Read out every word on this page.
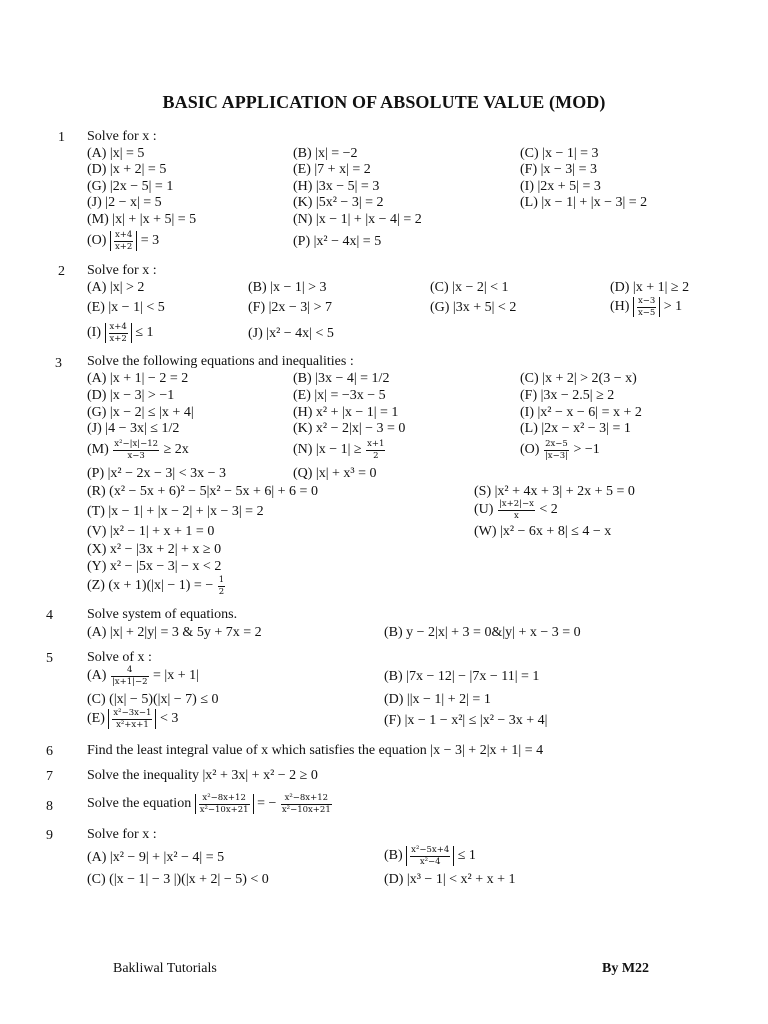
BASIC APPLICATION OF ABSOLUTE VALUE (MOD)
1 Solve for x :
(A) |x| = 5	(B) |x| = −2	(C) |x − 1| = 3
(D) |x + 2| = 5	(E) |7 + x| = 2	(F) |x − 3| = 3
(G) |2x − 5| = 1	(H) |3x − 5| = 3	(I) |2x + 5| = 3
(J) |2 − x| = 5	(K) |5x² − 3| = 2	(L) |x − 1| + |x − 3| = 2
(M) |x| + |x + 5| = 5	(N) |x − 1| + |x − 4| = 2
$(O) \frac{x+4}{x+2} = 3$	(P) |x² − 4x| = 5
2 Solve for x :
(A) |x| > 2	(B) |x − 1| > 3	(C) |x − 2| < 1	(D) |x + 1| ≥ 2
(E) |x − 1| < 5	(F) |2x − 3| > 7	(G) |3x + 5| < 2	$(H) \frac{x-3}{x-5} > 1$
$(I) \frac{x+4}{x+2} \le 1$	(J) |x² − 4x| < 5
3 Solve the following equations and inequalities :
(A) |x + 1| − 2 = 2	(B) |3x − 4| = 1/2	(C) |x + 2| > 2(3 − x)
(D) |x − 3| > −1	(E) |x| = −3x − 5	(F) |3x − 2.5| ≥ 2
(G) |x − 2| ≤ |x + 4|	(H) x² + |x − 1| = 1	(I) |x² − x − 6| = x + 2
(J) |4 − 3x| ≤ 1/2	(K) x² − 2|x| − 3 = 0	(L) |2x − x² − 3| = 1
$(M) \frac{\text{x²−|x|−12}}{x-3} \ge 2x$	(N) $|x - 1| \ge \frac{x+1}{2}$	$(O) \frac{2x-5}{|x-3|} > -1$
(P) |x² − 2x − 3| < 3x − 3	(Q) |x| + x³ = 0
(R) (x² − 5x + 6)² − 5|x² − 5x + 6| + 6 = 0	(S) |x² + 4x + 3| + 2x + 5 = 0
(T) |x − 1| + |x − 2| + |x − 3| = 2	$(U) \frac{|x+2|-x}{x} < 2$
(V) |x² − 1| + x + 1 = 0	(W) |x² − 6x + 8| ≤ 4 − x
(X) x² − |3x + 2| + x ≥ 0
(Y) x² − |5x − 3| − x < 2
(Z) (x + 1)(|x| − 1) = − $\frac{1}{2}$
4 Solve system of equations.
(A) |x| + 2|y| = 3 & 5y + 7x = 2	(B) y − 2|x| + 3 = 0&|y| + x − 3 = 0
5 Solve of x :
$(A) \frac{4}{|x+1|-2} = |x + 1|$	(B) |7x − 12| − |7x − 11| = 1
(C) (|x| − 5)(|x| − 7) ≤ 0	(D) ||x − 1| + 2| = 1
$(E) \frac{\text{x²−3x−1}}{\text{x²+x+1}} < 3$	(F) |x − 1 − x²| ≤ |x² − 3x + 4|
6 Find the least integral value of x which satisfies the equation |x − 3| + 2|x + 1| = 4
7 Solve the inequality |x² + 3x| + x² − 2 ≥ 0
8 Solve the equation $\frac{\text{x²−8x+12}}{\text{x²−10x+21}}$ = − $\frac{\text{x²−8x+12}}{\text{x²−10x+21}}$
9 Solve for x :
(A) |x² − 9| + |x² − 4| = 5	$(B) \frac{\text{x²−5x+4}}{\text{x²−4}} \le 1$
(C) (|x − 1| − 3 |)(|x + 2| − 5) < 0	(D) |x³ − 1| < x² + x + 1
Bakliwal Tutorials	By M22
